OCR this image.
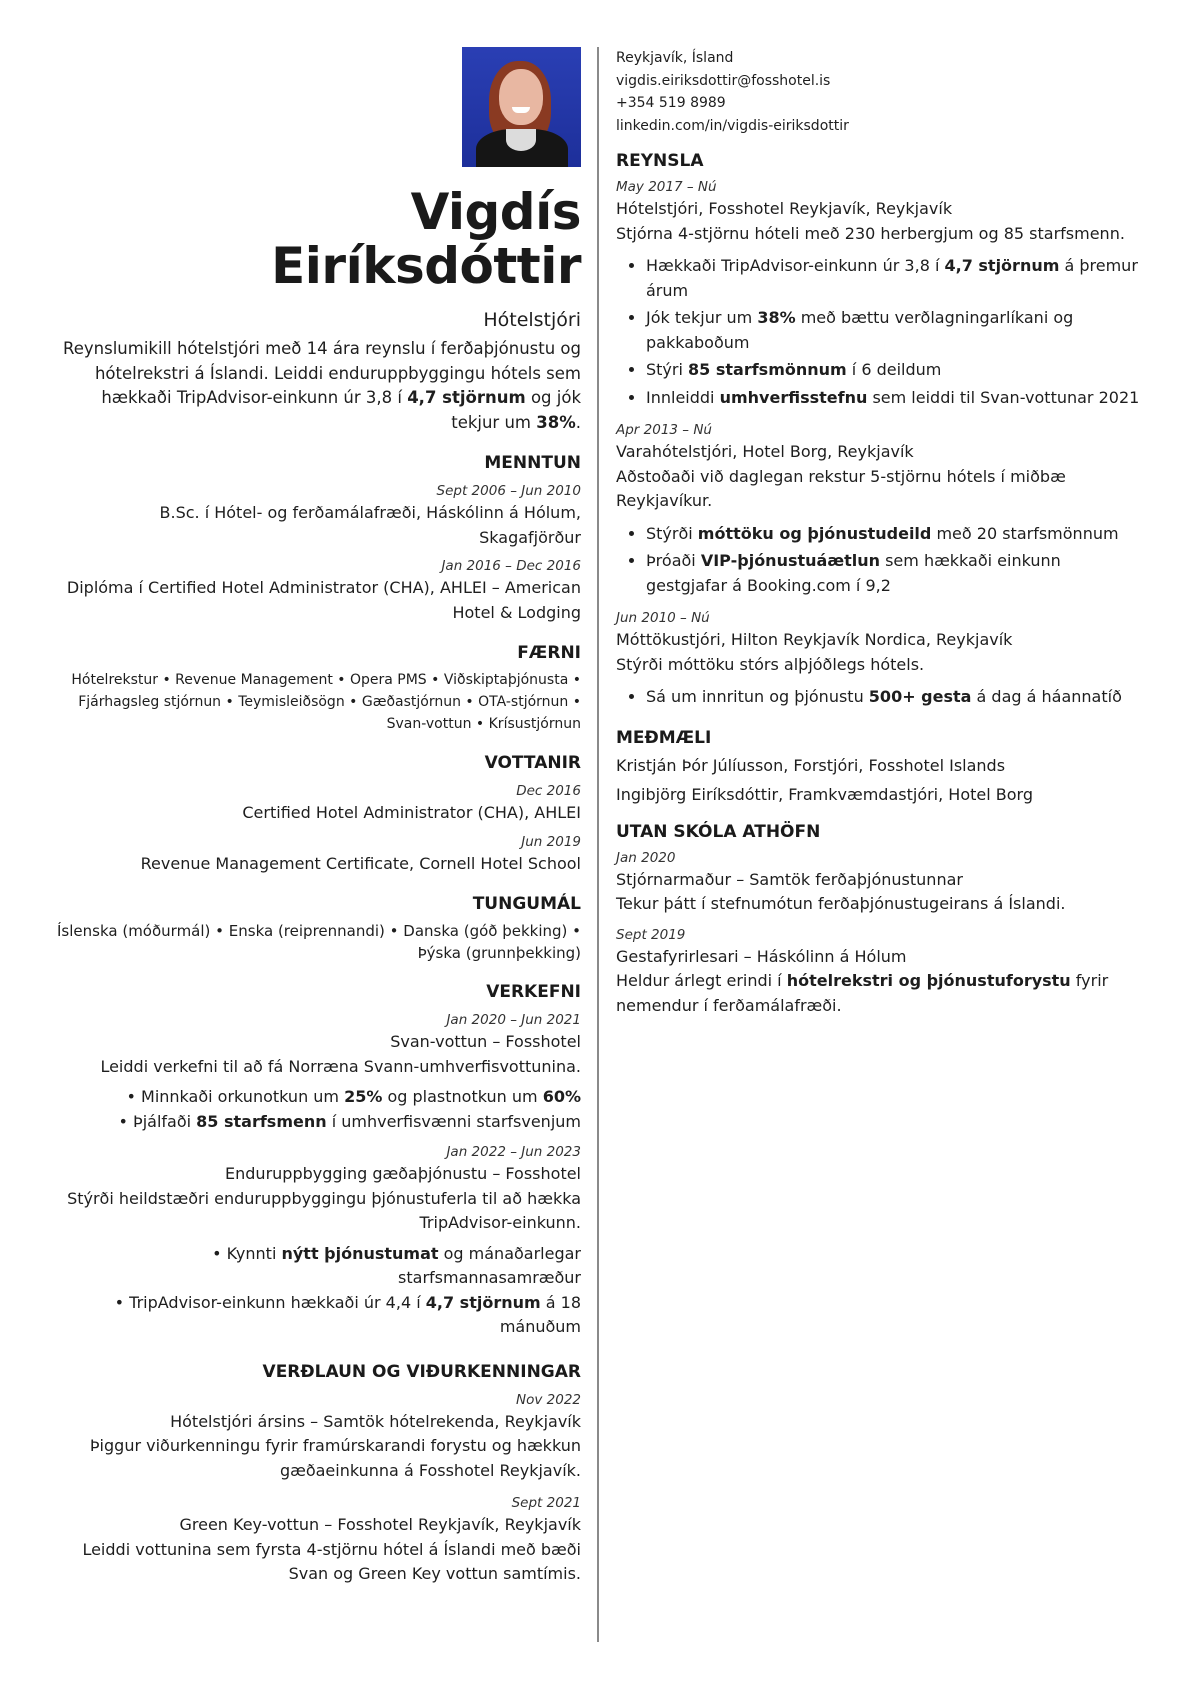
Vigdís
Eiríksdóttir
Hótelstjóri
Reynslumikill hótelstjóri með 14 ára reynslu í ferðaþjónustu og hótelrekstri á Íslandi. Leiddi enduruppbyggingu hótels sem hækkaði TripAdvisor-einkunn úr 3,8 í 4,7 stjörnum og jók tekjur um 38%.
MENNTUN
Sept 2006 – Jun 2010
B.Sc. í Hótel- og ferðamálafræði, Háskólinn á Hólum, Skagafjörður
Jan 2016 – Dec 2016
Diplóma í Certified Hotel Administrator (CHA), AHLEI – American Hotel & Lodging
FÆRNI
Hótelrekstur • Revenue Management • Opera PMS • Viðskiptaþjónusta • Fjárhagsleg stjórnun • Teymisleiðsögn • Gæðastjórnun • OTA-stjórnun • Svan-vottun • Krísustjórnun
VOTTANIR
Dec 2016
Certified Hotel Administrator (CHA), AHLEI
Jun 2019
Revenue Management Certificate, Cornell Hotel School
TUNGUMÁL
Íslenska (móðurmál) • Enska (reiprennandi) • Danska (góð þekking) • Þýska (grunnþekking)
VERKEFNI
Jan 2020 – Jun 2021
Svan-vottun – Fosshotel
Leiddi verkefni til að fá Norræna Svann-umhverfisvottunina.
• Minnkaði orkunotkun um 25% og plastnotkun um 60%
• Þjálfaði 85 starfsmenn í umhverfisvænni starfsvenjum
Jan 2022 – Jun 2023
Enduruppbygging gæðaþjónustu – Fosshotel
Stýrði heildstæðri enduruppbyggingu þjónustuferla til að hækka TripAdvisor-einkunn.
• Kynnti nýtt þjónustumat og mánaðarlegar starfsmannasamræður
• TripAdvisor-einkunn hækkaði úr 4,4 í 4,7 stjörnum á 18 mánuðum
VERÐLAUN OG VIÐURKENNINGAR
Nov 2022
Hótelstjóri ársins – Samtök hótelrekenda, Reykjavík
Þiggur viðurkenningu fyrir framúrskarandi forystu og hækkun gæðaeinkunna á Fosshotel Reykjavík.
Sept 2021
Green Key-vottun – Fosshotel Reykjavík, Reykjavík
Leiddi vottunina sem fyrsta 4-stjörnu hótel á Íslandi með bæði Svan og Green Key vottun samtímis.
Reykjavík, Ísland
vigdis.eiriksdottir@fosshotel.is
+354 519 8989
linkedin.com/in/vigdis-eiriksdottir
REYNSLA
May 2017 – Nú
Hótelstjóri, Fosshotel Reykjavík, Reykjavík
Stjórna 4-stjörnu hóteli með 230 herbergjum og 85 starfsmenn.
• Hækkaði TripAdvisor-einkunn úr 3,8 í 4,7 stjörnum á þremur árum
• Jók tekjur um 38% með bættu verðlagningarlíkani og pakkaboðum
• Stýri 85 starfsmönnum í 6 deildum
• Innleiddi umhverfisstefnu sem leiddi til Svan-vottunar 2021
Apr 2013 – Nú
Varahótelstjóri, Hotel Borg, Reykjavík
Aðstoðaði við daglegan rekstur 5-stjörnu hótels í miðbæ Reykjavíkur.
• Stýrði móttöku og þjónustudeild með 20 starfsmönnum
• Þróaði VIP-þjónustuáætlun sem hækkaði einkunn gestgjafar á Booking.com í 9,2
Jun 2010 – Nú
Móttökustjóri, Hilton Reykjavík Nordica, Reykjavík
Stýrði móttöku stórs alþjóðlegs hótels.
• Sá um innritun og þjónustu 500+ gesta á dag á háannatíð
MEÐMÆLI
Kristján Þór Júlíusson, Forstjóri, Fosshotel Islands
Ingibjörg Eiríksdóttir, Framkvæmdastjóri, Hotel Borg
UTAN SKÓLA ATHÖFN
Jan 2020
Stjórnarmaður – Samtök ferðaþjónustunnar
Tekur þátt í stefnumótun ferðaþjónustugeirans á Íslandi.
Sept 2019
Gestafyrirlesari – Háskólinn á Hólum
Heldur árlegt erindi í hótelrekstri og þjónustuforystu fyrir nemendur í ferðamálafræði.
